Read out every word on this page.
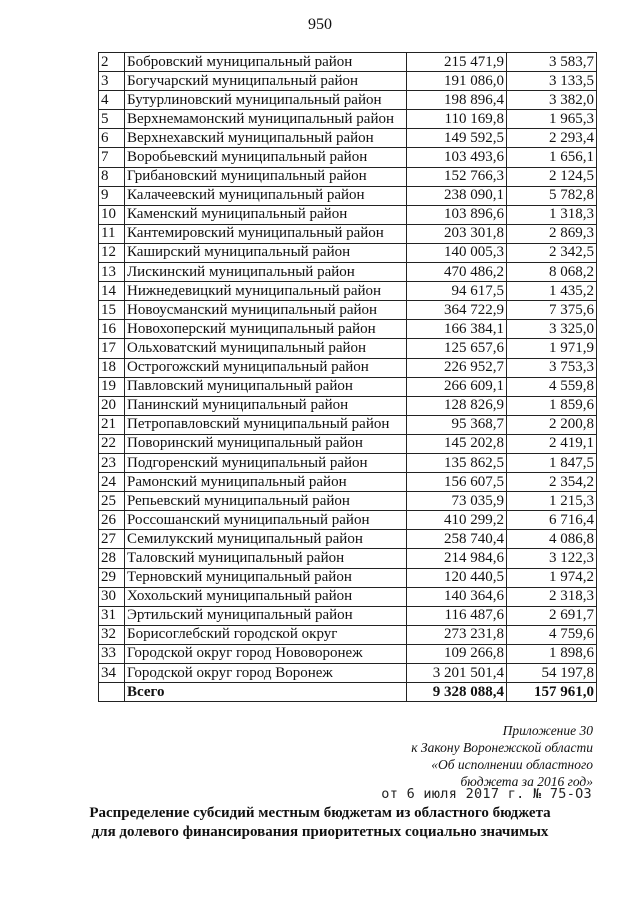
950
2	Бобровский муниципальный район	215 471,9	3 583,7
3	Богучарский муниципальный район	191 086,0	3 133,5
4	Бутурлиновский муниципальный район	198 896,4	3 382,0
5	Верхнемамонский муниципальный район	110 169,8	1 965,3
6	Верхнехавский муниципальный район	149 592,5	2 293,4
7	Воробьевский муниципальный район	103 493,6	1 656,1
8	Грибановский муниципальный район	152 766,3	2 124,5
9	Калачеевский муниципальный район	238 090,1	5 782,8
10	Каменский муниципальный район	103 896,6	1 318,3
11	Кантемировский муниципальный район	203 301,8	2 869,3
12	Каширский муниципальный район	140 005,3	2 342,5
13	Лискинский муниципальный район	470 486,2	8 068,2
14	Нижнедевицкий муниципальный район	94 617,5	1 435,2
15	Новоусманский муниципальный район	364 722,9	7 375,6
16	Новохоперский муниципальный район	166 384,1	3 325,0
17	Ольховатский муниципальный район	125 657,6	1 971,9
18	Острогожский муниципальный район	226 952,7	3 753,3
19	Павловский муниципальный район	266 609,1	4 559,8
20	Панинский муниципальный район	128 826,9	1 859,6
21	Петропавловский муниципальный район	95 368,7	2 200,8
22	Поворинский муниципальный район	145 202,8	2 419,1
23	Подгоренский муниципальный район	135 862,5	1 847,5
24	Рамонский муниципальный район	156 607,5	2 354,2
25	Репьевский муниципальный район	73 035,9	1 215,3
26	Россошанский муниципальный район	410 299,2	6 716,4
27	Семилукский муниципальный район	258 740,4	4 086,8
28	Таловский муниципальный район	214 984,6	3 122,3
29	Терновский муниципальный район	120 440,5	1 974,2
30	Хохольский муниципальный район	140 364,6	2 318,3
31	Эртильский муниципальный район	116 487,6	2 691,7
32	Борисоглебский городской округ	273 231,8	4 759,6
33	Городской округ город Нововоронеж	109 266,8	1 898,6
34	Городской округ город Воронеж	3 201 501,4	54 197,8
	Всего	9 328 088,4	157 961,0
Приложение 30
к Закону Воронежской области
«Об исполнении областного
бюджета за 2016 год»
от 6 июля 2017 г. № 75-ОЗ
Распределение субсидий местным бюджетам из областного бюджета
для долевого финансирования приоритетных социально значимых
